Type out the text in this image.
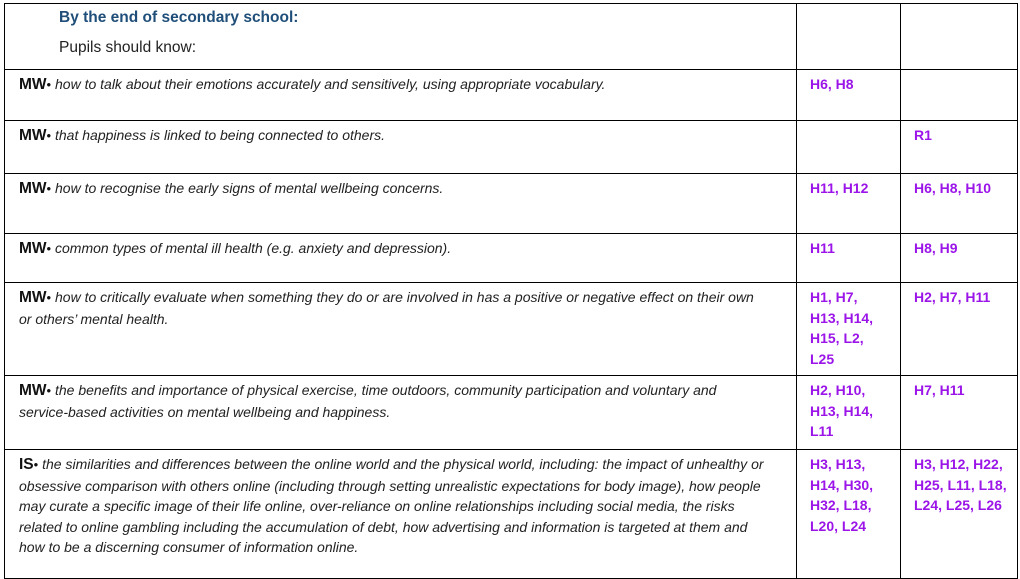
By the end of secondary school:
Pupils should know:		

MW• how to talk about their emotions accurately and sensitively, using appropriate vocabulary.	H6, H8	
MW• that happiness is linked to being connected to others.		R1
MW• how to recognise the early signs of mental wellbeing concerns.	H11, H12	H6, H8, H10
MW• common types of mental ill health (e.g. anxiety and depression).	H11	H8, H9
MW• how to critically evaluate when something they do or are involved in has a positive or negative effect on their own or others’ mental health.	H1, H7, H13, H14, H15, L2, L25	H2, H7, H11
MW• the benefits and importance of physical exercise, time outdoors, community participation and voluntary and service-based activities on mental wellbeing and happiness.	H2, H10, H13, H14, L11	H7, H11
IS• the similarities and differences between the online world and the physical world, including: the impact of unhealthy or obsessive comparison with others online (including through setting unrealistic expectations for body image), how people may curate a specific image of their life online, over-reliance on online relationships including social media, the risks related to online gambling including the accumulation of debt, how advertising and information is targeted at them and how to be a discerning consumer of information online.	H3, H13, H14, H30, H32, L18, L20, L24	H3, H12, H22, H25, L11, L18, L24, L25, L26
